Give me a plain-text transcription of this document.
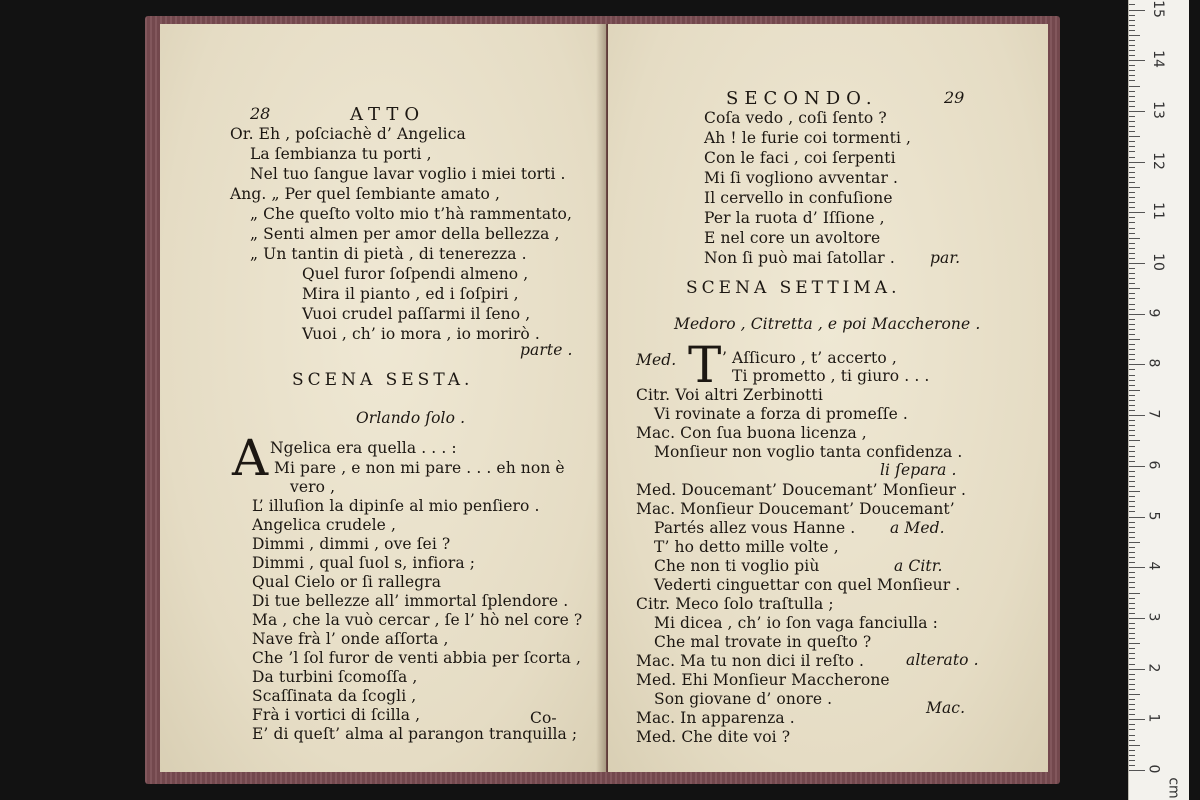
28	ATTO
Or. Eh , poſciachè d’ Angelica
La ſembianza tu porti ,
Nel tuo ſangue lavar voglio i miei torti .
Ang. „ Per quel ſembiante amato ,
„ Che queſto volto mio t’hà rammentato,
„ Senti almen per amor della bellezza ,
„ Un tantin di pietà , di tenerezza .
Quel furor ſoſpendi almeno ,
Mira il pianto , ed i ſoſpiri ,
Vuoi crudel paſſarmi il ſeno ,
Vuoi , ch’ io mora , io morirò .
parte .
SCENA SESTA.
Orlando ſolo .
A Ngelica era quella . . . :
Mi pare , e non mi pare . . . eh non è
vero ,
L’ illuſion la dipinſe al mio penſiero .
Angelica crudele ,
Dimmi , dimmi , ove ſei ?
Dimmi , qual ſuol s, infiora ;
Qual Cielo or ſi rallegra
Di tue bellezze all’ immortal ſplendore .
Ma , che la vuò cercar , ſe l’ hò nel core ?
Nave frà l’ onde aſſorta ,
Che ’l ſol furor de venti abbia per ſcorta ,
Da turbini ſcomoſſa ,
Scaſſinata da ſcogli ,
Frà i vortici di ſcilla ,
E’ di queſt’ alma al parangon tranquilla ;
Co-
SECONDO.	29
Coſa vedo , coſi ſento ?
Ah ! le furie coi tormenti ,
Con le faci , coi ſerpenti
Mi ſi vogliono avventar .
Il cervello in confuſione
Per la ruota d’ Iſſione ,
E nel core un avoltore
Non ſi può mai ſatollar . par.
SCENA SETTIMA.
Medoro , Citretta , e poi Maccherone .
Med. T ’ Aſſicuro , t’ accerto ,
Ti prometto , ti giuro . . .
Citr. Voi altri Zerbinotti
Vi rovinate a forza di promeſſe .
Mac. Con ſua buona licenza ,
Monſieur non voglio tanta confidenza .
li ſepara .
Med. Doucemant’ Doucemant’ Monſieur .
Mac. Monſieur Doucemant’ Doucemant’
Partés allez vous Hanne . a Med.
T’ ho detto mille volte ,
Che non ti voglio più	a Citr.
Vederti cinguettar con quel Monſieur .
Citr. Meco ſolo traſtulla ;
Mi dicea , ch’ io ſon vaga fanciulla :
Che mal trovate in queſto ?
Mac. Ma tu non dici il reſto .
Med. Ehi Monſieur Maccherone
alterato .
Son giovane d’ onore .
Mac. In apparenza .
Med. Che dite voi ?
Mac.
0
1
2
3
4
5
6
7
8
9
10
11
12
13
14
15
cm
